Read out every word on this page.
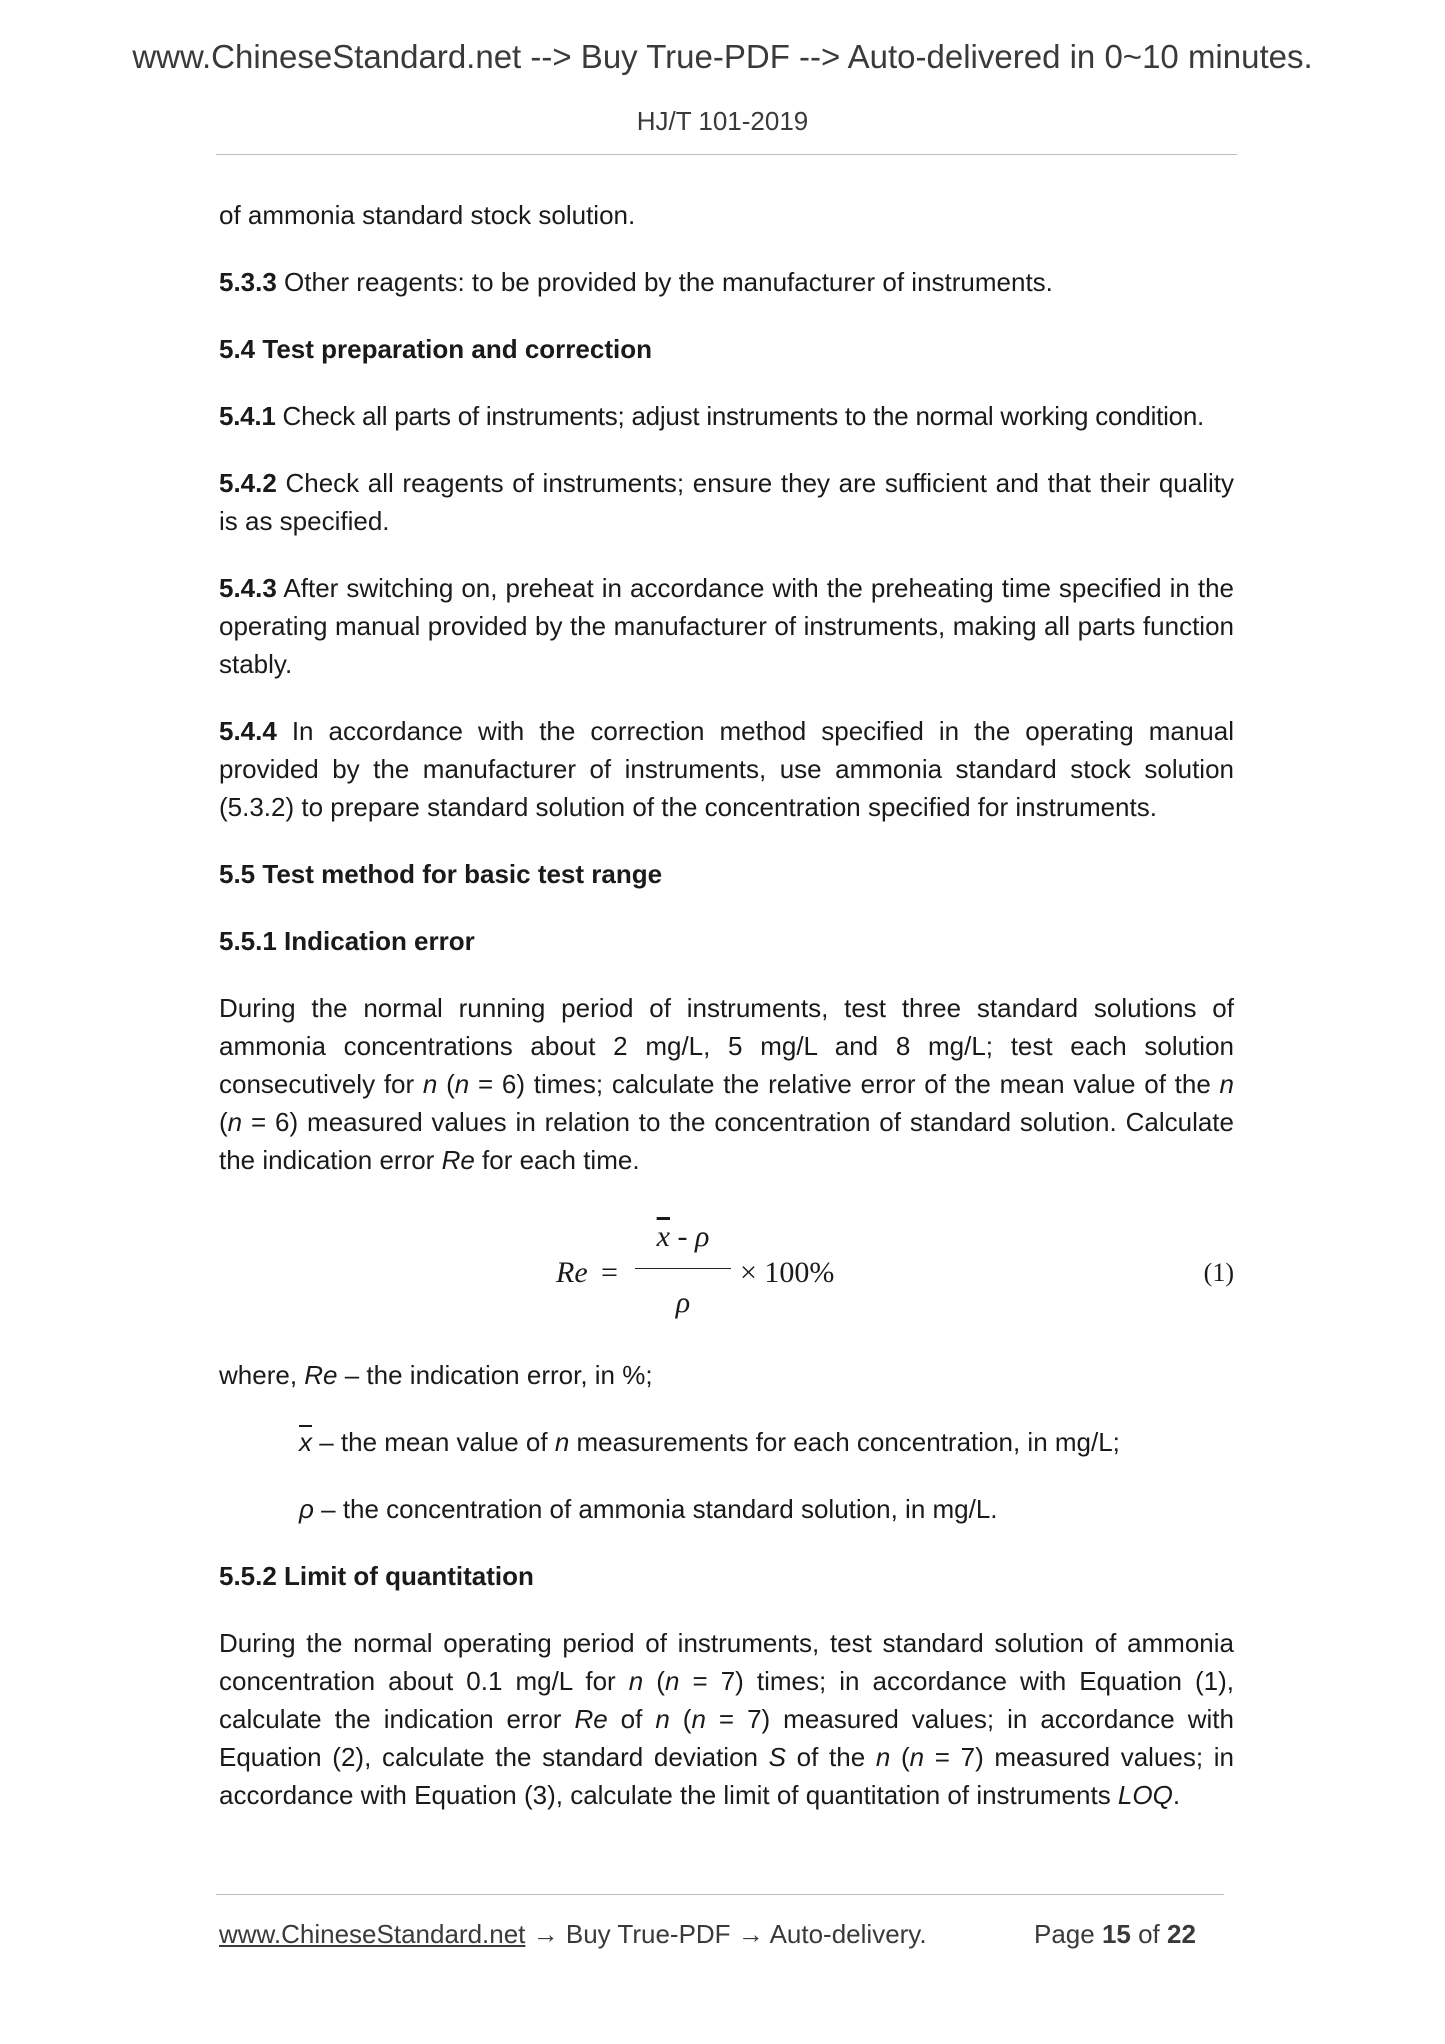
www.ChineseStandard.net --> Buy True-PDF --> Auto-delivered in 0~10 minutes.
HJ/T 101-2019

of ammonia standard stock solution.

5.3.3 Other reagents: to be provided by the manufacturer of instruments.

5.4 Test preparation and correction

5.4.1 Check all parts of instruments; adjust instruments to the normal working condition.

5.4.2 Check all reagents of instruments; ensure they are sufficient and that their quality is as specified.

5.4.3 After switching on, preheat in accordance with the preheating time specified in the operating manual provided by the manufacturer of instruments, making all parts function stably.

5.4.4 In accordance with the correction method specified in the operating manual provided by the manufacturer of instruments, use ammonia standard stock solution (5.3.2) to prepare standard solution of the concentration specified for instruments.

5.5 Test method for basic test range

5.5.1 Indication error

During the normal running period of instruments, test three standard solutions of ammonia concentrations about 2 mg/L, 5 mg/L and 8 mg/L; test each solution consecutively for n (n = 6) times; calculate the relative error of the mean value of the n (n = 6) measured values in relation to the concentration of standard solution. Calculate the indication error Re for each time.

Re =
$\overline{x}$ - ρ
ρ
× 100%	(1)

where, Re – the indication error, in %;

$\overline{x}$ – the mean value of n measurements for each concentration, in mg/L;

ρ – the concentration of ammonia standard solution, in mg/L.

5.5.2 Limit of quantitation

During the normal operating period of instruments, test standard solution of ammonia concentration about 0.1 mg/L for n (n = 7) times; in accordance with Equation (1), calculate the indication error Re of n (n = 7) measured values; in accordance with Equation (2), calculate the standard deviation S of the n (n = 7) measured values; in accordance with Equation (3), calculate the limit of quantitation of instruments LOQ.

www.ChineseStandard.net → Buy True-PDF → Auto-delivery.	Page 15 of 22
